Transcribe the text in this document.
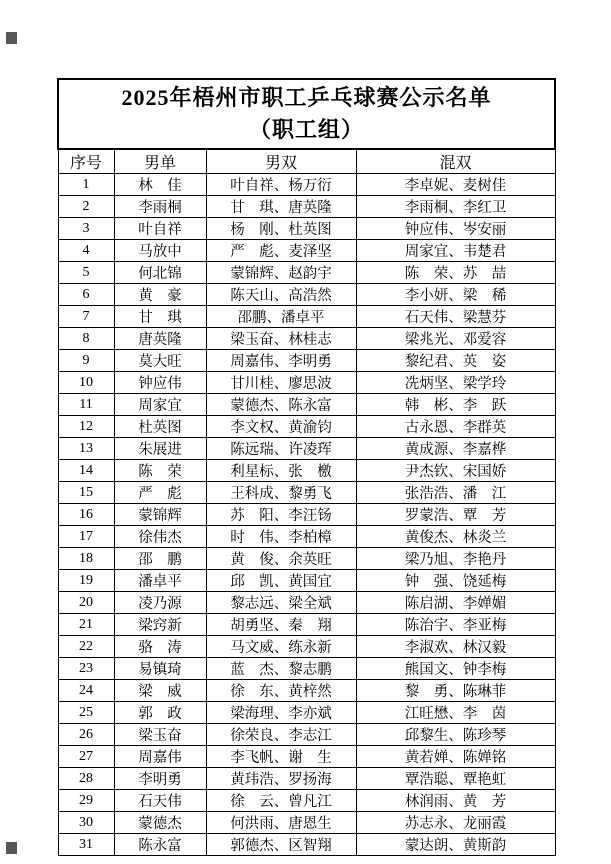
2025年梧州市职工乒乓球赛公示名单
（职工组）			

序号	男单	男双	混双
1	林　佳	叶自祥、杨万衍	李卓妮、麦树佳
2	李雨桐	甘　琪、唐英隆	李雨桐、李红卫
3	叶自祥	杨　刚、杜英图	钟应伟、岑安丽
4	马放中	严　彪、麦泽坚	周家宜、韦楚君
5	何北锦	蒙锦辉、赵韵宇	陈　荣、苏　喆
6	黄　豪	陈天山、高浩然	李小妍、梁　稀
7	甘　琪	邵鹏、潘卓平	石天伟、梁慧芬
8	唐英隆	梁玉奋、林桂志	梁兆光、邓爱容
9	莫大旺	周嘉伟、李明勇	黎纪君、英　姿
10	钟应伟	甘川桂、廖思波	冼炳坚、梁学玲
11	周家宜	蒙德杰、陈永富	韩　彬、李　跃
12	杜英图	李文权、黄渝钧	古永恩、李群英
13	朱展进	陈远瑞、许凌珲	黄成源、李嘉桦
14	陈　荣	利星标、张　檄	尹杰钦、宋国娇
15	严　彪	王科成、黎勇飞	张浩浩、潘　江
16	蒙锦辉	苏　阳、李汪钖	罗蒙浩、覃　芳
17	徐伟杰	时　伟、李柏樟	黄俊杰、林炎兰
18	邵　鹏	黄　俊、余英旺	梁乃旭、李艳丹
19	潘卓平	邱　凯、黄国宜	钟　强、饶延梅
20	凌乃源	黎志远、梁全斌	陈启湖、李婵媚
21	梁窍新	胡勇坚、秦　翔	陈治宇、李亚梅
22	骆　涛	马文威、练永新	李淑欢、林汉毅
23	易镇琦	蓝　杰、黎志鹏	熊国文、钟李梅
24	梁　威	徐　东、黄梓然	黎　勇、陈琳菲
25	郭　政	梁海理、李亦斌	江旺懋、李　茵
26	梁玉奋	徐荣良、李志江	邱黎生、陈珍琴
27	周嘉伟	李飞帆、谢　生	黄若婵、陈婵铭
28	李明勇	黄玮浩、罗扬海	覃浩聪、覃艳虹
29	石天伟	徐　云、曾凡江	林润雨、黄　芳
30	蒙德杰	何洪雨、唐恩生	苏志永、龙丽霞
31	陈永富	郭德杰、区智翔	蒙达朗、黄斯韵
